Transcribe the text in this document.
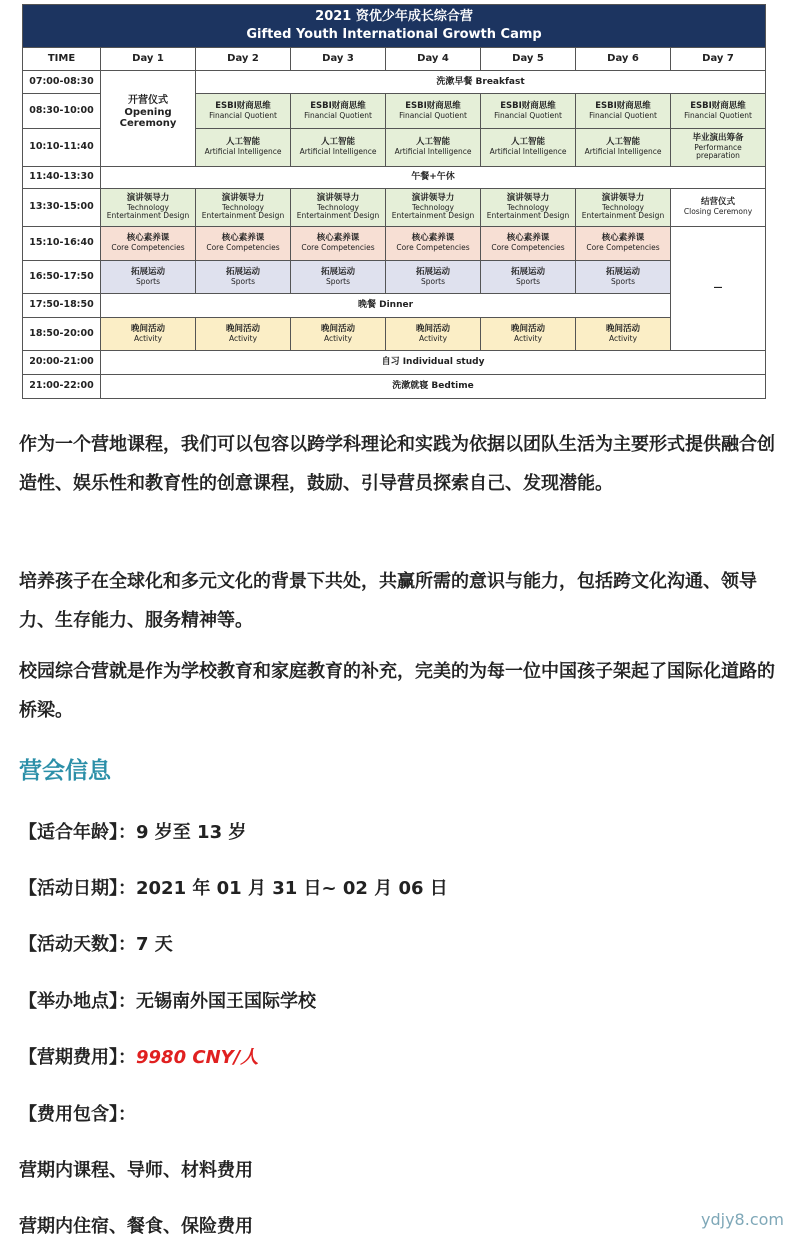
2021 资优少年成长综合营
Gifted Youth International Growth Camp							

TIME	Day 1	Day 2	Day 3	Day 4	Day 5	Day 6	Day 7
07:00-08:30	开营仪式
Opening
Ceremony	洗漱早餐 Breakfast					
08:30-10:00		ESBI财商思维
Financial Quotient	ESBI财商思维
Financial Quotient	ESBI财商思维
Financial Quotient	ESBI财商思维
Financial Quotient	ESBI财商思维
Financial Quotient	ESBI财商思维
Financial Quotient

10:10-11:40		人工智能
Artificial Intelligence	人工智能
Artificial Intelligence	人工智能
Artificial Intelligence	人工智能
Artificial Intelligence	人工智能
Artificial Intelligence	毕业演出筹备
Performance
preparation

11:40-13:30	午餐+午休						
13:30-15:00	演讲领导力
Technology
Entertainment Design	演讲领导力
Technology
Entertainment Design	演讲领导力
Technology
Entertainment Design	演讲领导力
Technology
Entertainment Design	演讲领导力
Technology
Entertainment Design	演讲领导力
Technology
Entertainment Design	结营仪式
Closing Ceremony

15:10-16:40	核心素养课
Core Competencies	核心素养课
Core Competencies	核心素养课
Core Competencies	核心素养课
Core Competencies	核心素养课
Core Competencies	核心素养课
Core Competencies	—
16:50-17:50	拓展运动
Sports	拓展运动
Sports	拓展运动
Sports	拓展运动
Sports	拓展运动
Sports	拓展运动
Sports	

17:50-18:50	晚餐 Dinner						
18:50-20:00	晚间活动
Activity	晚间活动
Activity	晚间活动
Activity	晚间活动
Activity	晚间活动
Activity	晚间活动
Activity	

20:00-21:00	自习 Individual study						
21:00-22:00	洗漱就寝 Bedtime						

作为一个营地课程，我们可以包容以跨学科理论和实践为依据以团队生活为主要形式提供融合创造性、娱乐性和教育性的创意课程，鼓励、引导营员探索自己、发现潜能。

培养孩子在全球化和多元文化的背景下共处，共赢所需的意识与能力，包括跨文化沟通、领导力、生存能力、服务精神等。

校园综合营就是作为学校教育和家庭教育的补充，完美的为每一位中国孩子架起了国际化道路的桥梁。

营会信息

【适合年龄】：9 岁至 13 岁

【活动日期】：2021 年 01 月 31 日~ 02 月 06 日

【活动天数】：7 天

【举办地点】：无锡南外国王国际学校

【营期费用】：9980 CNY/人

【费用包含】：

营期内课程、导师、材料费用

营期内住宿、餐食、保险费用	ydjy8.com
